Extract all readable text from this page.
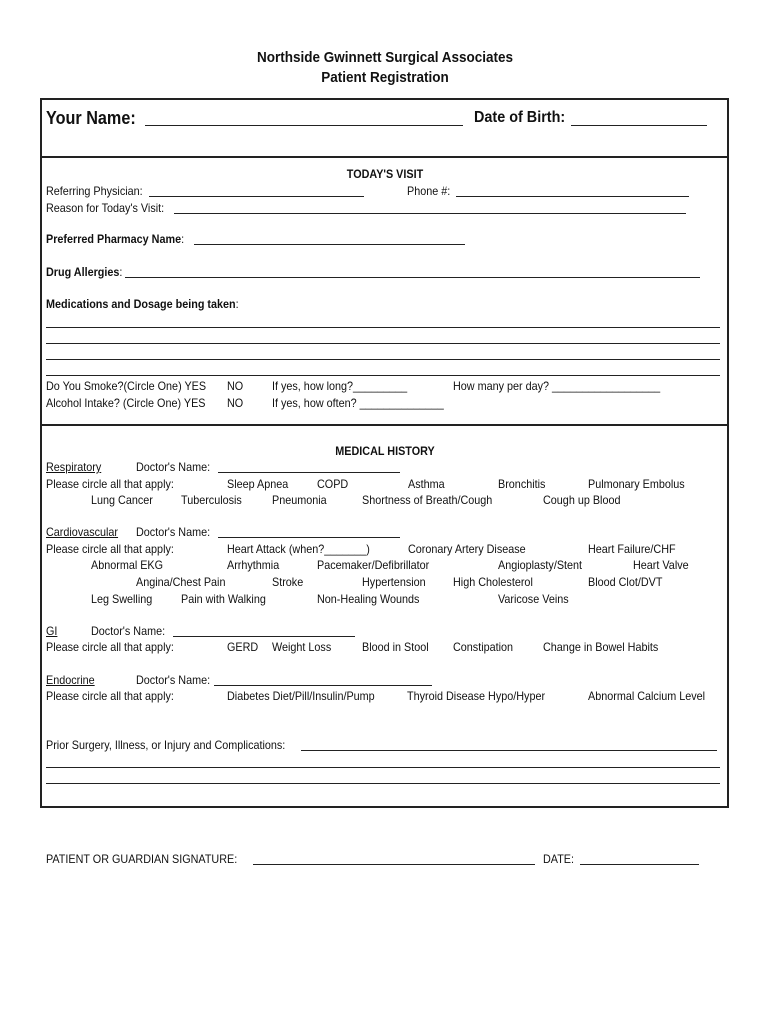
Northside Gwinnett Surgical Associates
Patient Registration
Your Name:	Date of Birth:
TODAY'S VISIT
Referring Physician:	Phone #:
Reason for Today's Visit:
Preferred Pharmacy Name:
Drug Allergies:
Medications and Dosage being taken:
Do You Smoke?(Circle One) YES NO If yes, how long?_________	How many per day? __________________
Alcohol Intake? (Circle One) YES NO If yes, how often? ______________
MEDICAL HISTORY
Respiratory	Doctor's Name:
Please circle all that apply:	Sleep Apnea COPD	Asthma	Bronchitis	Pulmonary Embolus
Lung Cancer Tuberculosis	Pneumonia	Shortness of Breath/Cough	Cough up Blood
Cardiovascular Doctor's Name:
Please circle all that apply:	Heart Attack (when?_______)	Coronary Artery Disease	Heart Failure/CHF
Abnormal EKG	Arrhythmia	Pacemaker/Defibrillator	Angioplasty/Stent	Heart Valve
Angina/Chest Pain	Stroke	Hypertension High Cholesterol	Blood Clot/DVT
Leg Swelling Pain with Walking	Non-Healing Wounds	Varicose Veins
GI	Doctor's Name:
Please circle all that apply:	GERD Weight Loss	Blood in Stool Constipation Change in Bowel Habits
Endocrine	Doctor's Name:
Please circle all that apply:	Diabetes Diet/Pill/Insulin/Pump	Thyroid Disease Hypo/Hyper	Abnormal Calcium Level
Prior Surgery, Illness, or Injury and Complications:
PATIENT OR GUARDIAN SIGNATURE:	DATE:
